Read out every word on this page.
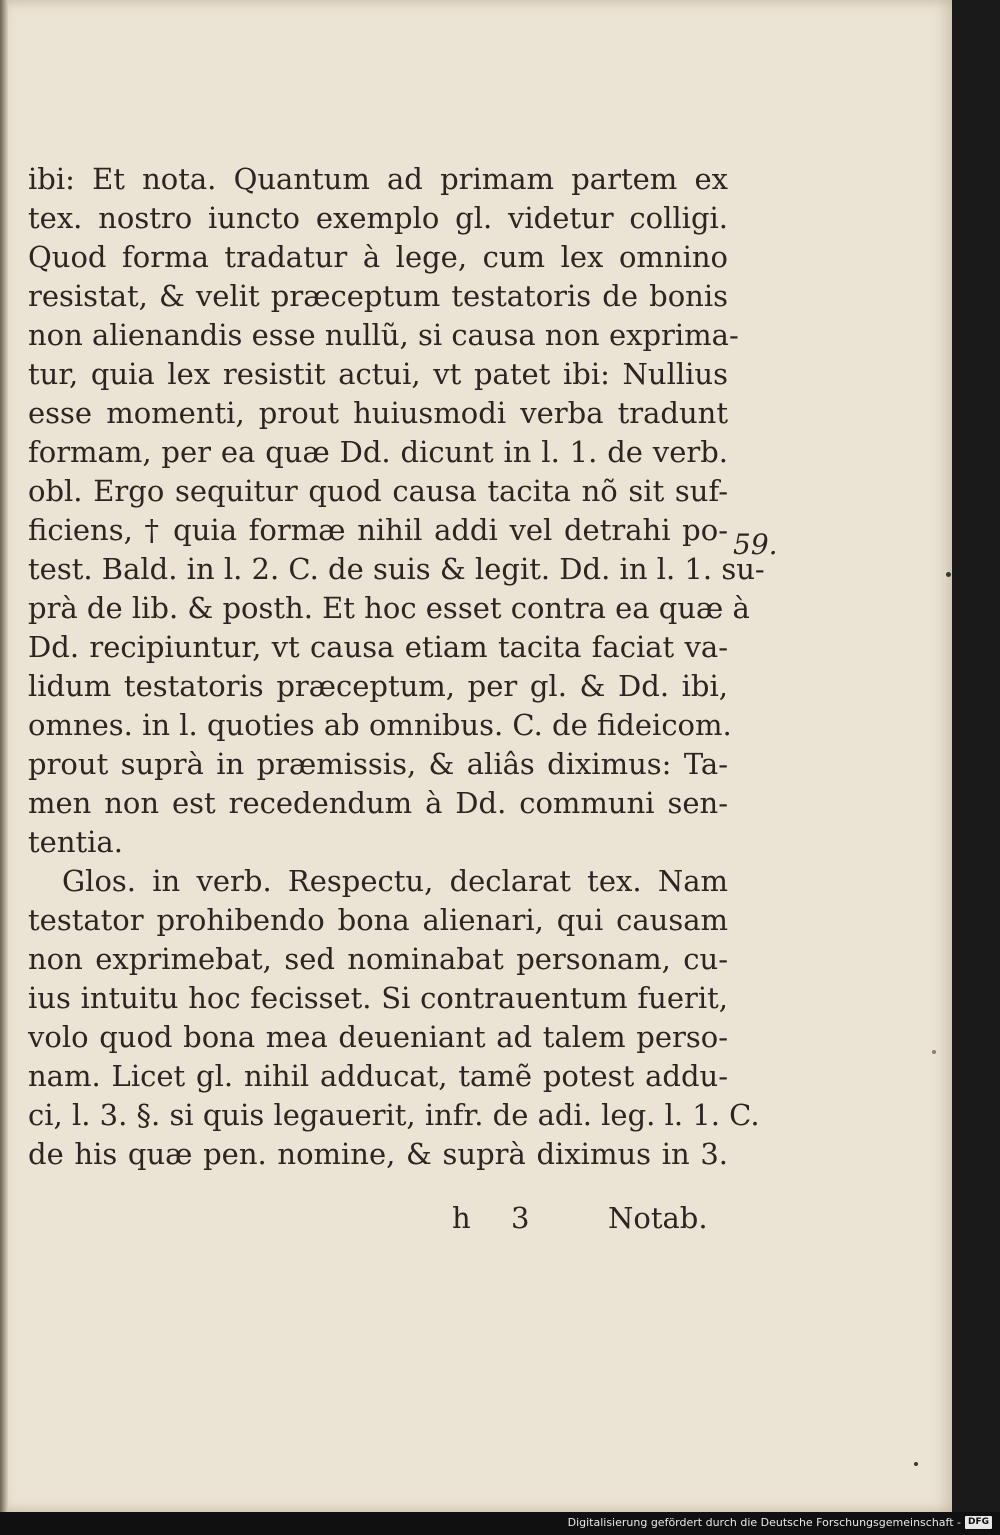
ibi: Et nota. Quantum ad primam partem ex
tex. nostro iuncto exemplo gl. videtur colligi.
Quod forma tradatur à lege, cum lex omnino
resistat, & velit præceptum testatoris de bonis
non alienandis esse nullũ, si causa non exprima-
tur, quia lex resistit actui, vt patet ibi: Nullius
esse momenti, prout huiusmodi verba tradunt
formam, per ea quæ Dd. dicunt in l. 1. de verb.
obl. Ergo sequitur quod causa tacita nõ sit suf-
ficiens, † quia formæ nihil addi vel detrahi po-
test. Bald. in l. 2. C. de suis & legit. Dd. in l. 1. su-
prà de lib. & posth. Et hoc esset contra ea quæ à
Dd. recipiuntur, vt causa etiam tacita faciat va-
lidum testatoris præceptum, per gl. & Dd. ibi,
omnes. in l. quoties ab omnibus. C. de fideicom.
prout suprà in præmissis, & aliâs diximus: Ta-
men non est recedendum à Dd. communi sen-
tentia.
Glos. in verb. Respectu, declarat tex. Nam
testator prohibendo bona alienari, qui causam
non exprimebat, sed nominabat personam, cu-
ius intuitu hoc fecisset. Si contrauentum fuerit,
volo quod bona mea deueniant ad talem perso-
nam. Licet gl. nihil adducat, tamẽ potest addu-
ci, l. 3. §. si quis legauerit, infr. de adi. leg. l. 1. C.
de his quæ pen. nomine, & suprà diximus in 3.
59.
h 3	Notab.
Digitalisierung gefördert durch die Deutsche Forschungsgemeinschaft - DFG
